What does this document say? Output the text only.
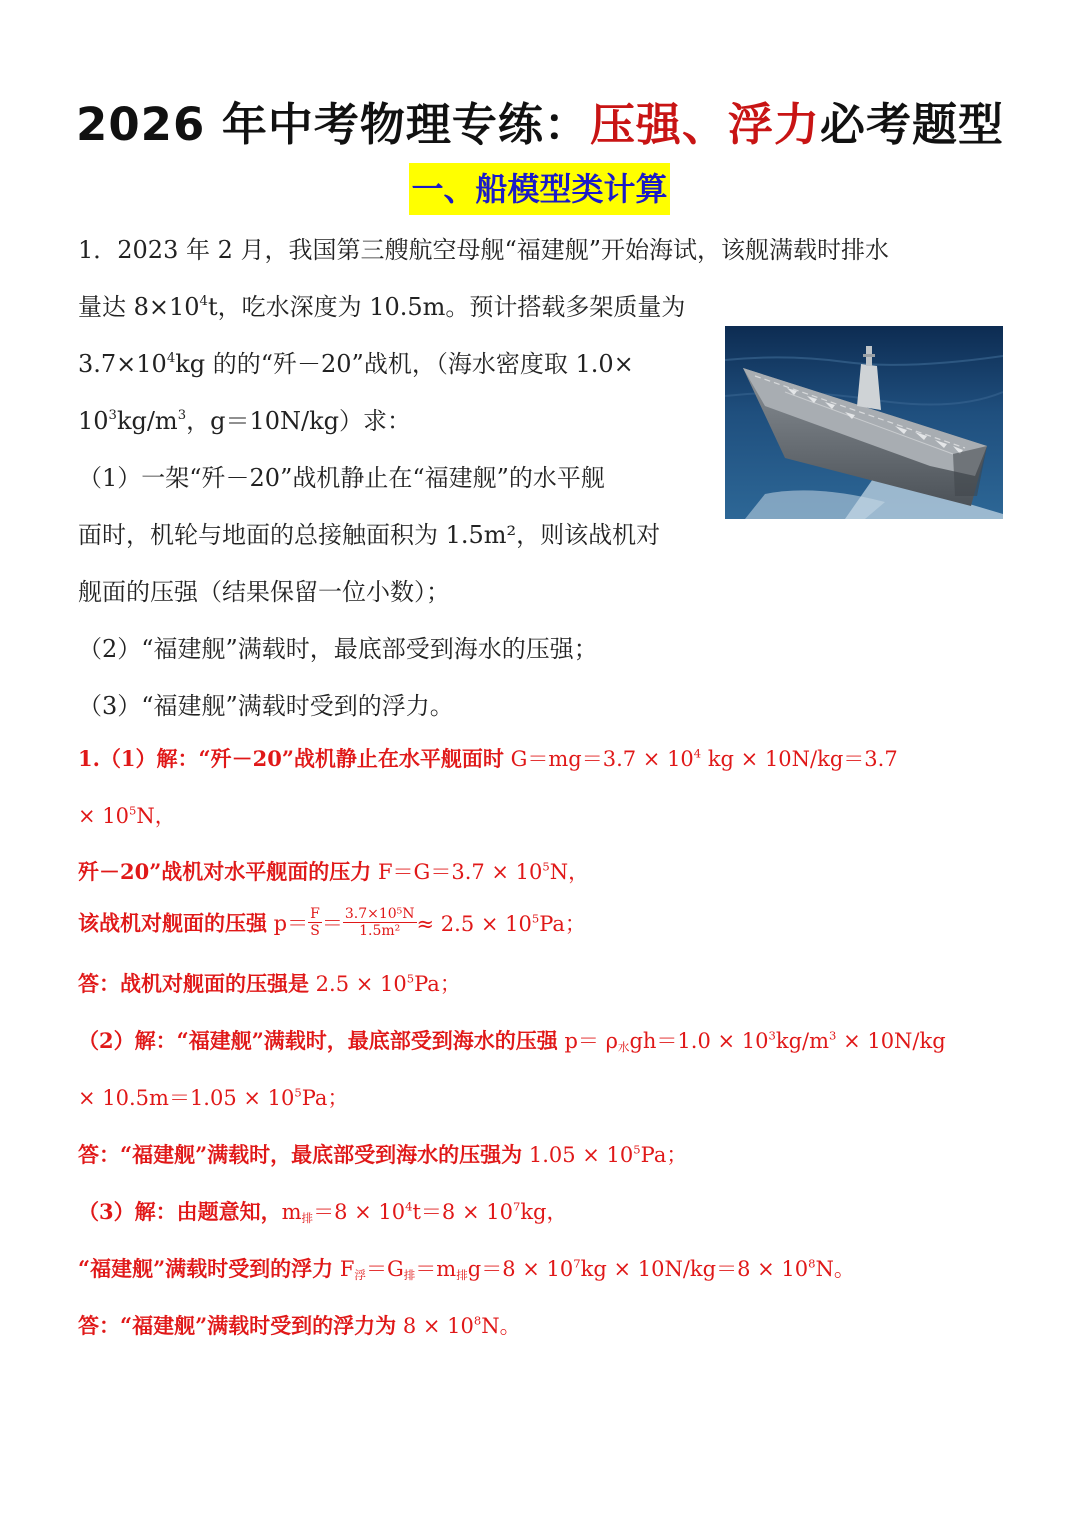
2026 年中考物理专练：压强、浮力必考题型
一、船模型类计算
1．2023 年 2 月，我国第三艘航空母舰“福建舰”开始海试，该舰满载时排水
量达 $8\times 10^4t$，吃水深度为 10.5m。预计搭载多架质量为
$3.7\times 10^4kg$ 的的“歼－20”战机，（海水密度取 1.0×
$10^3kg/m^3$，g＝10N/kg）求：
（1）一架“歼－20”战机静止在“福建舰”的水平舰
面时，机轮与地面的总接触面积为 1.5m²，则该战机对
舰面的压强（结果保留一位小数）；
（2）“福建舰”满载时，最底部受到海水的压强；
（3）“福建舰”满载时受到的浮力。
1.（1）解：“歼－20”战机静止在水平舰面时 $G=mg=3.7 \times 10^4$ kg × 10N/kg＝3.7
× $10^5N$，
歼－20”战机对水平舰面的压力 $F=G=3.7 \times 10^5N$，
该战机对舰面的压强 $p= \frac{F}{S} = \frac{\text{3.7×10⁵N}}{\text{1.5m²}} \approx 2.5 \times 10^5Pa$；
答：战机对舰面的压强是 $2.5 \times 10^5Pa$；
（2）解：“福建舰”满载时，最底部受到海水的压强 $p= \rho_水gh=1.0 \times 10^3kg/m^3 \times 10N/kg$
× $10.5m=1.05 \times 10^5Pa$；
答：“福建舰”满载时，最底部受到海水的压强为 $1.05 \times 10^5Pa$；
（3）解：由题意知，$m_排=8 \times 10^4t=8 \times 10^7kg$，
“福建舰”满载时受到的浮力 $F_浮=G_排=m_排g=8 \times 10^7kg \times 10N/kg=8 \times 10^8N$。
答：“福建舰”满载时受到的浮力为 $8 \times 10^8N$。
